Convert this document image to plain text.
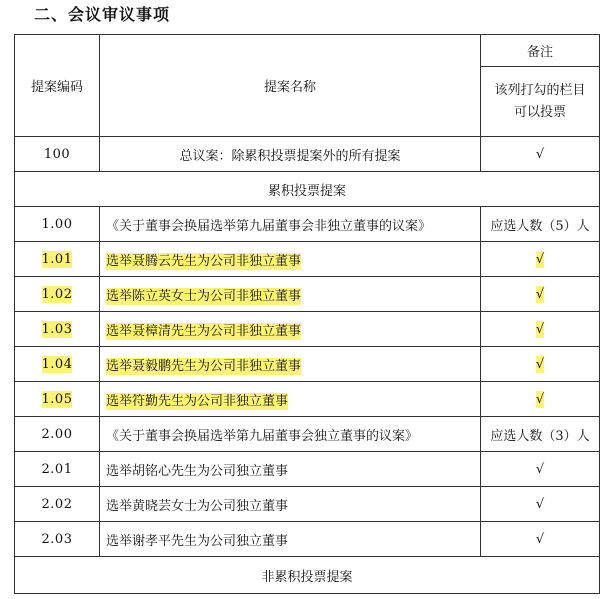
二、会议审议事项
提案编码	提案名称	备注

		该列打勾的栏目
可以投票

100	总议案：除累积投票提案外的所有提案	√
累积投票提案		
1.00	《关于董事会换届选举第九届董事会非独立董事的议案》	应选人数（5）人
1.01	选举聂腾云先生为公司非独立董事	√
1.02	选举陈立英女士为公司非独立董事	√
1.03	选举聂樟清先生为公司非独立董事	√
1.04	选举聂毅鹏先生为公司非独立董事	√
1.05	选举符勤先生为公司非独立董事	√
2.00	《关于董事会换届选举第九届董事会独立董事的议案》	应选人数（3）人
2.01	选举胡铭心先生为公司独立董事	√
2.02	选举黄晓芸女士为公司独立董事	√
2.03	选举谢孝平先生为公司独立董事	√
非累积投票提案		
